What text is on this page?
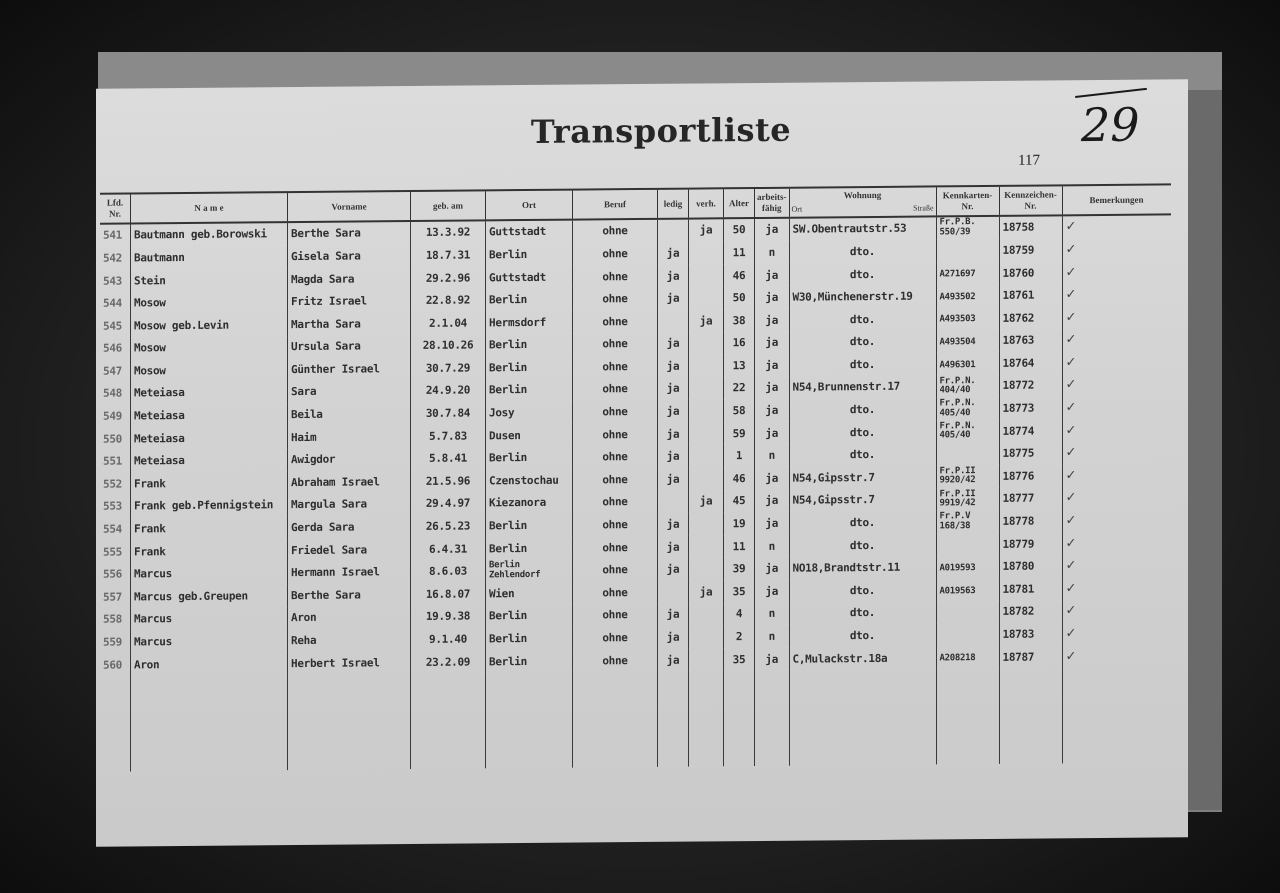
Transportliste
117
29
Lfd. Nr.	N a m e	Vorname	geb. am	Ort	Beruf	ledig	verh.	Alter	arbeits-fähig	Wohnung
Ort Straße	Kennkarten-Nr.	Kennzeichen-Nr.	Bemerkungen
541	Bautmann geb.Borowski	Berthe Sara	13.3.92	Guttstadt	ohne		ja	50	ja	SW.Obentrautstr.53	Fr.P.B. 550/39	18758	✓
542	Bautmann	Gisela Sara	18.7.31	Berlin	ohne	ja		11	n	dto.		18759	✓
543	Stein	Magda Sara	29.2.96	Guttstadt	ohne	ja		46	ja	dto.	A271697	18760	✓
544	Mosow	Fritz Israel	22.8.92	Berlin	ohne	ja		50	ja	W30,Münchenerstr.19	A493502	18761	✓
545	Mosow geb.Levin	Martha Sara	2.1.04	Hermsdorf	ohne		ja	38	ja	dto.	A493503	18762	✓
546	Mosow	Ursula Sara	28.10.26	Berlin	ohne	ja		16	ja	dto.	A493504	18763	✓
547	Mosow	Günther Israel	30.7.29	Berlin	ohne	ja		13	ja	dto.	A496301	18764	✓
548	Meteiasa	Sara	24.9.20	Berlin	ohne	ja		22	ja	N54,Brunnenstr.17	Fr.P.N. 404/40	18772	✓
549	Meteiasa	Beila	30.7.84	Josy	ohne	ja		58	ja	dto.	Fr.P.N. 405/40	18773	✓
550	Meteiasa	Haim	5.7.83	Dusen	ohne	ja		59	ja	dto.	Fr.P.N. 405/40	18774	✓
551	Meteiasa	Awigdor	5.8.41	Berlin	ohne	ja		1	n	dto.		18775	✓
552	Frank	Abraham Israel	21.5.96	Czenstochau	ohne	ja		46	ja	N54,Gipsstr.7	Fr.P.II 9920/42	18776	✓
553	Frank geb.Pfennigstein	Margula Sara	29.4.97	Kiezanora	ohne		ja	45	ja	N54,Gipsstr.7	Fr.P.II 9919/42	18777	✓
554	Frank	Gerda Sara	26.5.23	Berlin	ohne	ja		19	ja	dto.	Fr.P.V 168/38	18778	✓
555	Frank	Friedel Sara	6.4.31	Berlin	ohne	ja		11	n	dto.		18779	✓
556	Marcus	Hermann Israel	8.6.03	Berlin Zehlendorf	ohne	ja		39	ja	NO18,Brandtstr.11	A019593	18780	✓
557	Marcus geb.Greupen	Berthe Sara	16.8.07	Wien	ohne		ja	35	ja	dto.	A019563	18781	✓
558	Marcus	Aron	19.9.38	Berlin	ohne	ja		4	n	dto.		18782	✓
559	Marcus	Reha	9.1.40	Berlin	ohne	ja		2	n	dto.		18783	✓
560	Aron	Herbert Israel	23.2.09	Berlin	ohne	ja		35	ja	C,Mulackstr.18a	A208218	18787	✓
